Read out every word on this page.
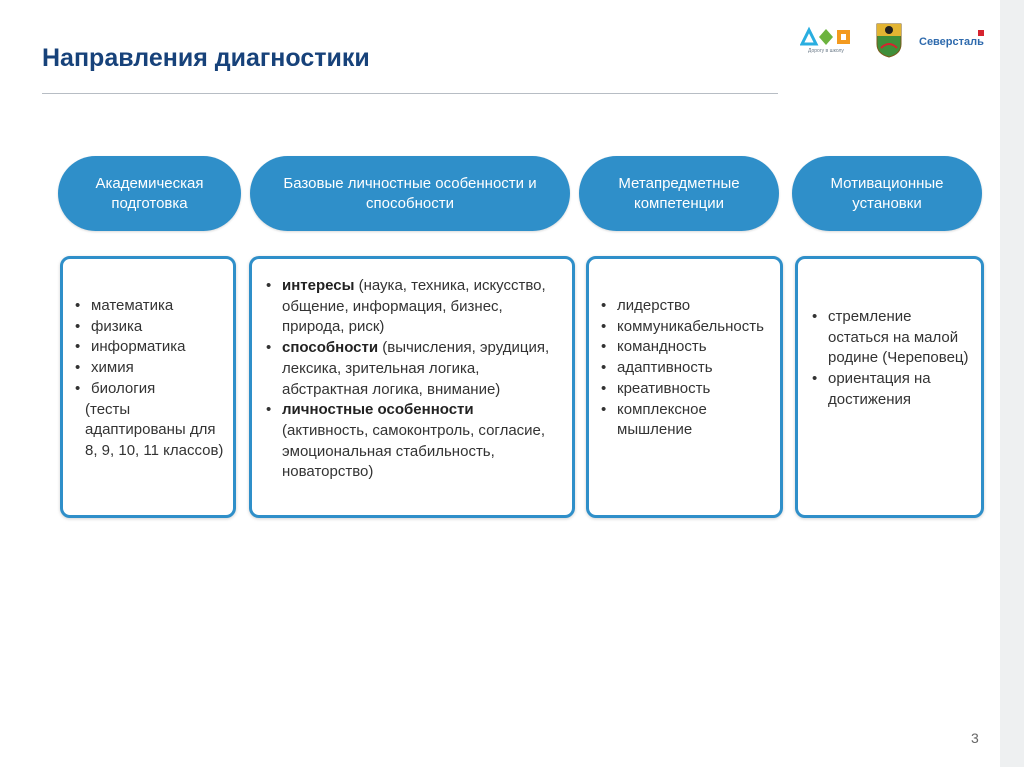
Направления диагностики	Дорогу в школу
Северсталь
Академическая подготовка
Базовые личностные особенности и способности
Метапредметные компетенции
Мотивационные установки
• математика
• физика
• информатика
• химия
• биология
(тесты адаптированы для 8, 9, 10, 11 классов)
• интересы (наука, техника, искусство, общение, информация, бизнес, природа, риск)
• способности (вычисления, эрудиция, лексика, зрительная логика, абстрактная логика, внимание)
• личностные особенности (активность, самоконтроль, согласие, эмоциональная стабильность, новаторство)
• лидерство
• коммуникабельность
• командность
• адаптивность
• креативность
• комплексное мышление
• стремление остаться на малой родине (Череповец)
• ориентация на достижения
3
